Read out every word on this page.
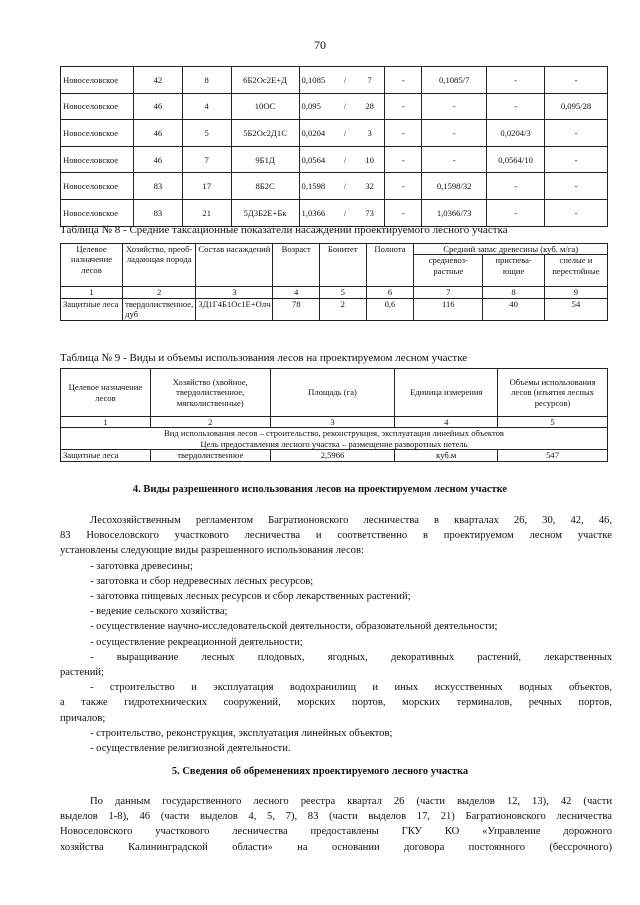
70
Новоселовское	42	8	6Б2Ос2Е+Д	0,1085	/	7	-	0,1085/7	-	-
Новоселовское	46	4	10ОС	0,095	/	28	-	-	-	0,095/28
Новоселовское	46	5	5Б2Ос2Д1С	0,0204	/	3	-	-	0,0204/3	-
Новоселовское	46	7	9Б1Д	0,0564	/	10	-	-	0,0564/10	-
Новоселовское	83	17	8Б2С	0,1598	/	32	-	0,1598/32	-	-
Новоселовское	83	21	5Д3Б2Е+Бк	1,0366	/	73	-	1,0366/73	-	-
Таблица № 8 - Средние таксационные показатели насаждений проектируемого лесного участка
Целевое назначение лесов	Хозяйство, преоб-ладающая порода	Состав насаждений	Возраст	Бонитет	Полнота	Средний запас древесины (куб. м/га)		
						средневоз-растные	приспева-ющие	спелые и перестойные
1	2	3	4	5	6	7	8	9
Защитные леса	твердолиственное, дуб	3Д1Г4Б1Ос1Е+Олч	78	2	0,6	116	40	54
Таблица № 9 - Виды и объемы использования лесов на проектируемом лесном участке
Целевое назначение лесов	Хозяйство (хвойное, твердолиственное, мягколиственные)	Площадь (га)	Единица измерения	Объемы использования лесов (изъятия лесных ресурсов)
1	2	3	4	5

Вид использования лесов – строительство, реконструкция, эксплуатация линейных объектов
Цель предоставления лесного участка – размещение разворотных петель				

Защитные леса	твердолиственное	2,5966	куб.м	547
4. Виды разрешенного использования лесов на проектируемом лесном участке
Лесохозяйственным регламентом Багратионовского лесничества в кварталах 26, 30, 42, 46,
83 Новоселовского участкового лесничества и соответственно в проектируемом лесном участке
установлены следующие виды разрешенного использования лесов:
- заготовка древесины;
- заготовка и сбор недревесных лесных ресурсов;
- заготовка пищевых лесных ресурсов и сбор лекарственных растений;
- ведение сельского хозяйства;
- осуществление научно-исследовательской деятельности, образовательной деятельности;
- осуществление рекреационной деятельности;
- выращивание лесных плодовых, ягодных, декоративных растений, лекарственных
растений;
- строительство и эксплуатация водохранилищ и иных искусственных водных объектов,
а также гидротехнических сооружений, морских портов, морских терминалов, речных портов,
причалов;
- строительство, реконструкция, эксплуатация линейных объектов;
- осуществление религиозной деятельности.
5. Сведения об обременениях проектируемого лесного участка
По данным государственного лесного реестра квартал 26 (части выделов 12, 13), 42 (части
выделов 1-8), 46 (части выделов 4, 5, 7), 83 (части выделов 17, 21) Багратионовского лесничества
Новоселовского участкового лесничества предоставлены ГКУ КО «Управление дорожного
хозяйства Калининградской области» на основании договора постоянного (бессрочного)
